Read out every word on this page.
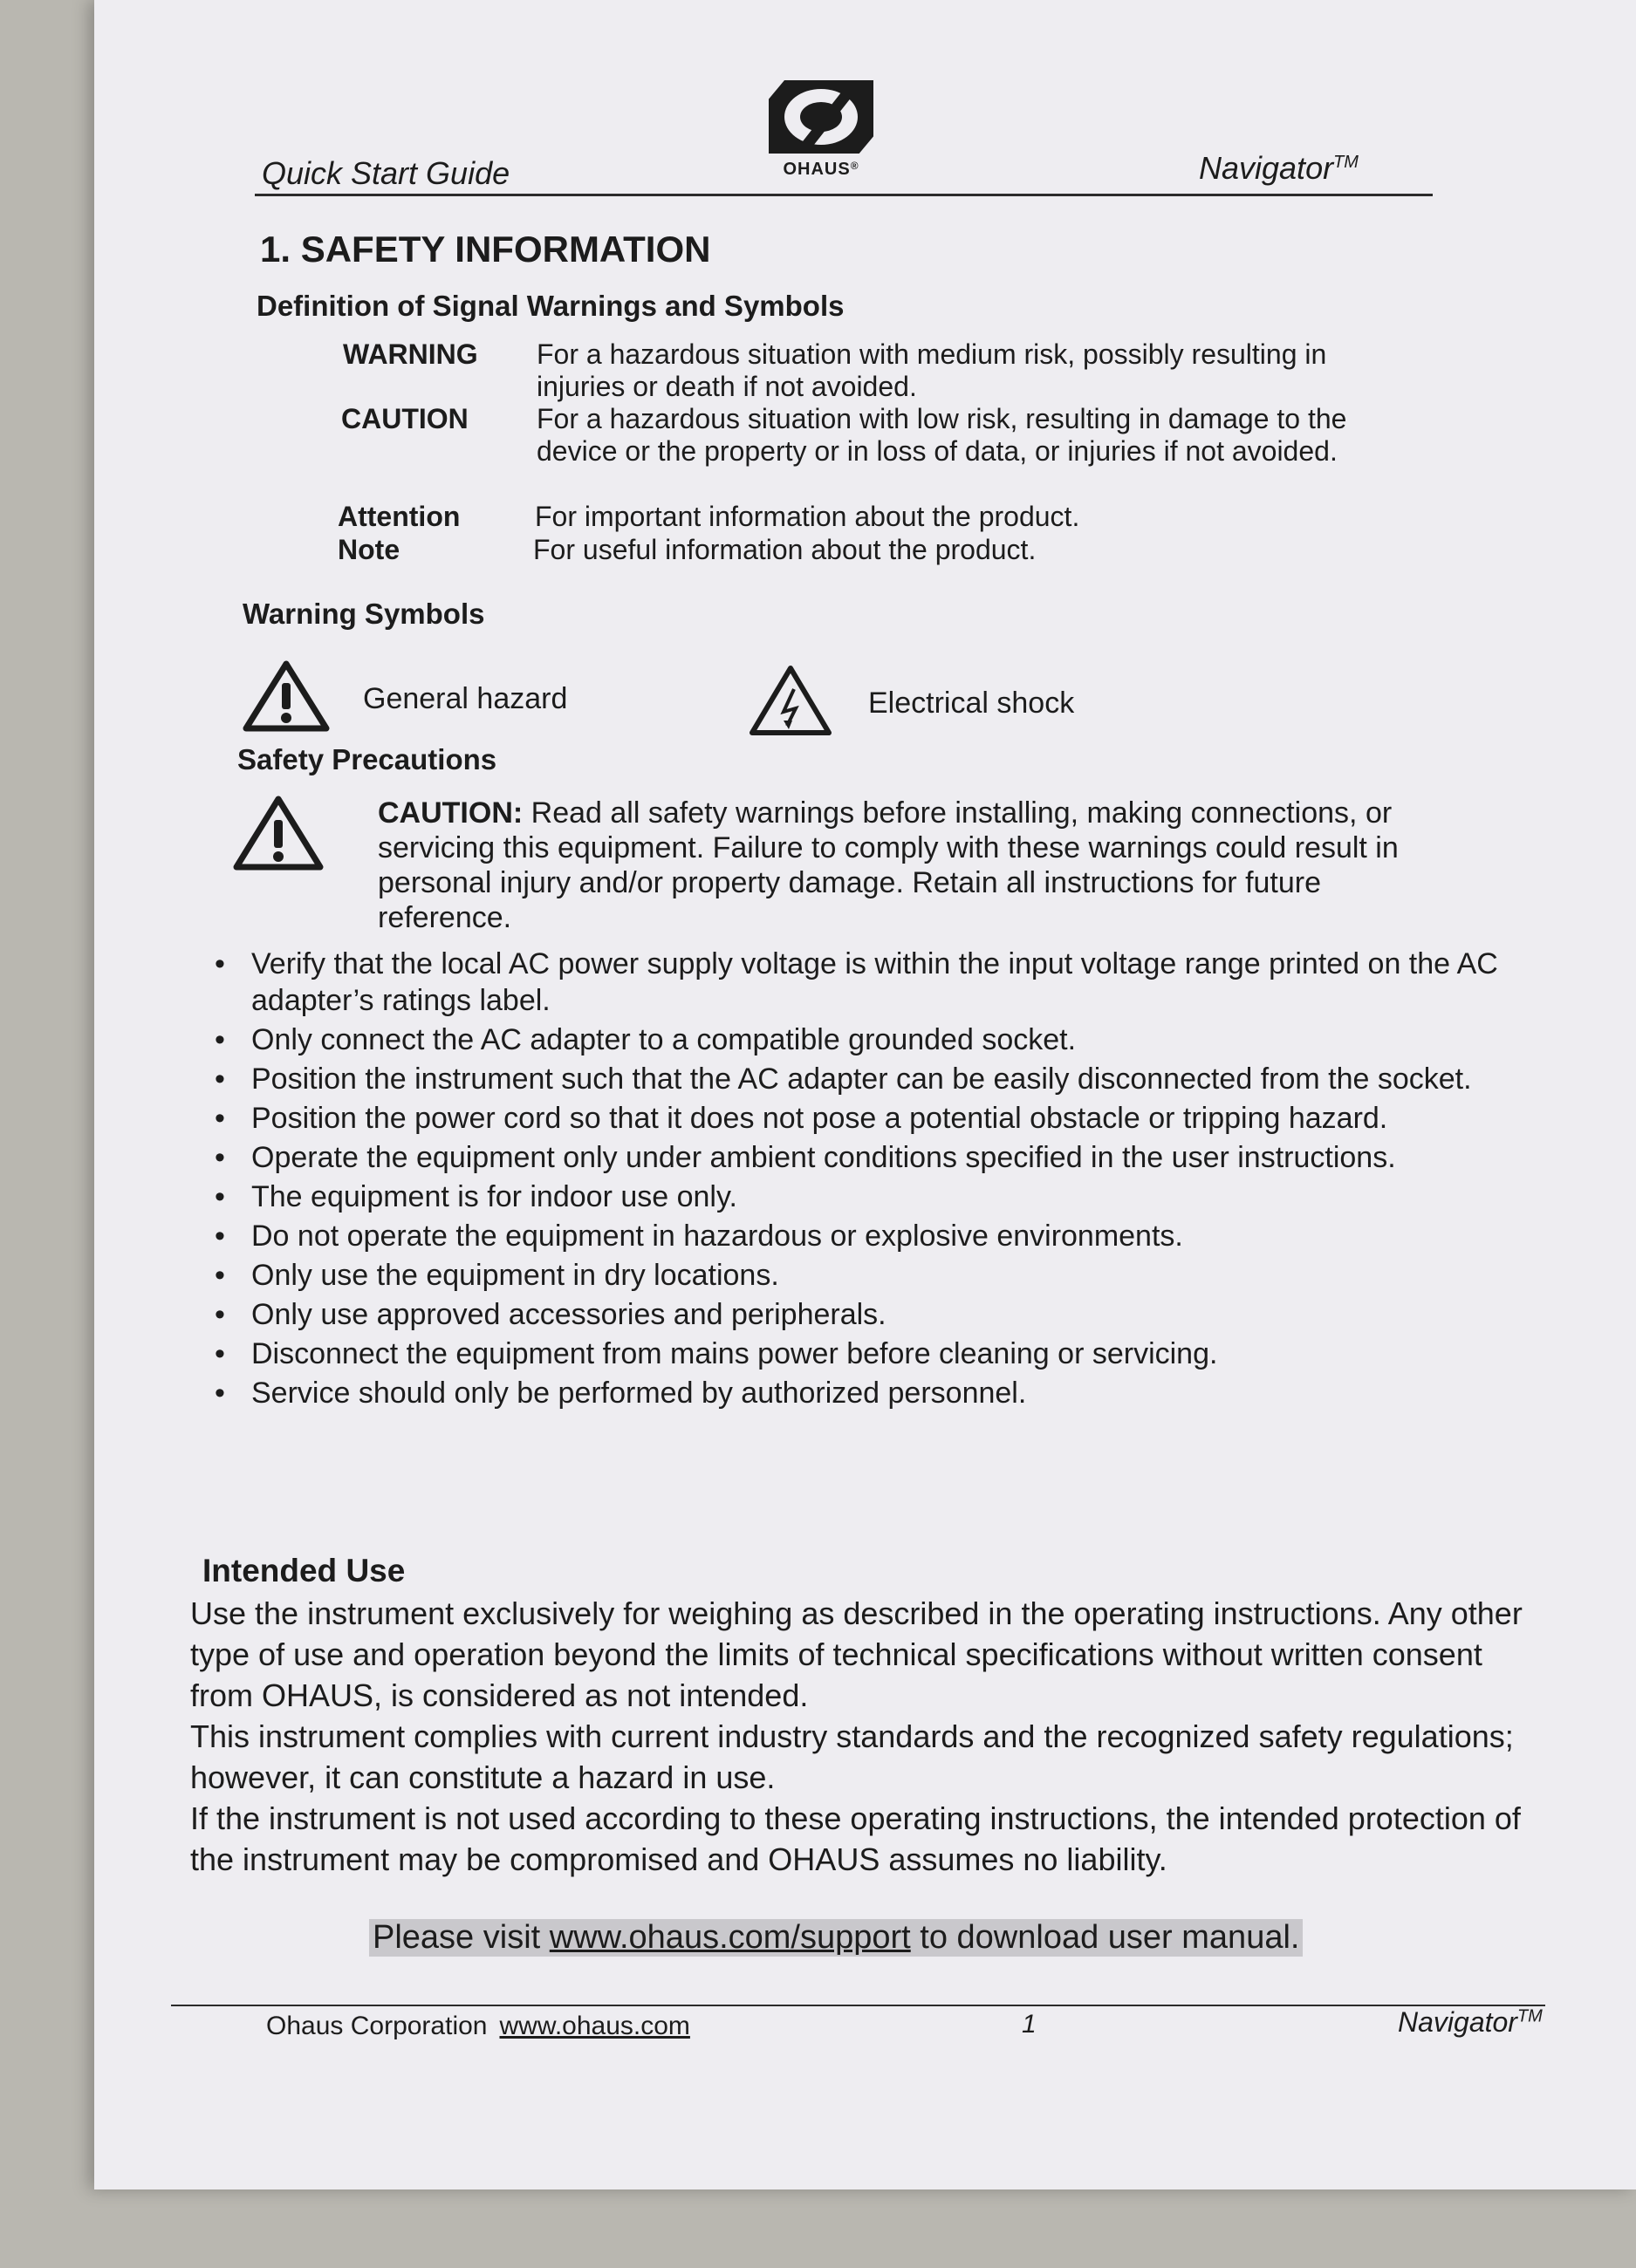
Quick Start Guide	OHAUS®	Navigator™
1. SAFETY INFORMATION
Definition of Signal Warnings and Symbols
WARNING For a hazardous situation with medium risk, possibly resulting in injuries or death if not avoided.
CAUTION For a hazardous situation with low risk, resulting in damage to the device or the property or in loss of data, or injuries if not avoided.
Attention	For important information about the product.
Note	For useful information about the product.
Warning Symbols
General hazard	Electrical shock
Safety Precautions
CAUTION: Read all safety warnings before installing, making connections, or servicing this equipment. Failure to comply with these warnings could result in personal injury and/or property damage. Retain all instructions for future reference.
• Verify that the local AC power supply voltage is within the input voltage range printed on the AC adapter’s ratings label.
• Only connect the AC adapter to a compatible grounded socket.
• Position the instrument such that the AC adapter can be easily disconnected from the socket.
• Position the power cord so that it does not pose a potential obstacle or tripping hazard.
• Operate the equipment only under ambient conditions specified in the user instructions.
• The equipment is for indoor use only.
• Do not operate the equipment in hazardous or explosive environments.
• Only use the equipment in dry locations.
• Only use approved accessories and peripherals.
• Disconnect the equipment from mains power before cleaning or servicing.
• Service should only be performed by authorized personnel.
Intended Use

Use the instrument exclusively for weighing as described in the operating instructions. Any other type of use and operation beyond the limits of technical specifications without written consent from OHAUS, is considered as not intended.

This instrument complies with current industry standards and the recognized safety regulations; however, it can constitute a hazard in use.

If the instrument is not used according to these operating instructions, the intended protection of the instrument may be compromised and OHAUS assumes no liability.

Please visit www.ohaus.com/support to download user manual.
Ohaus Corporation www.ohaus.com	1	Navigator™
